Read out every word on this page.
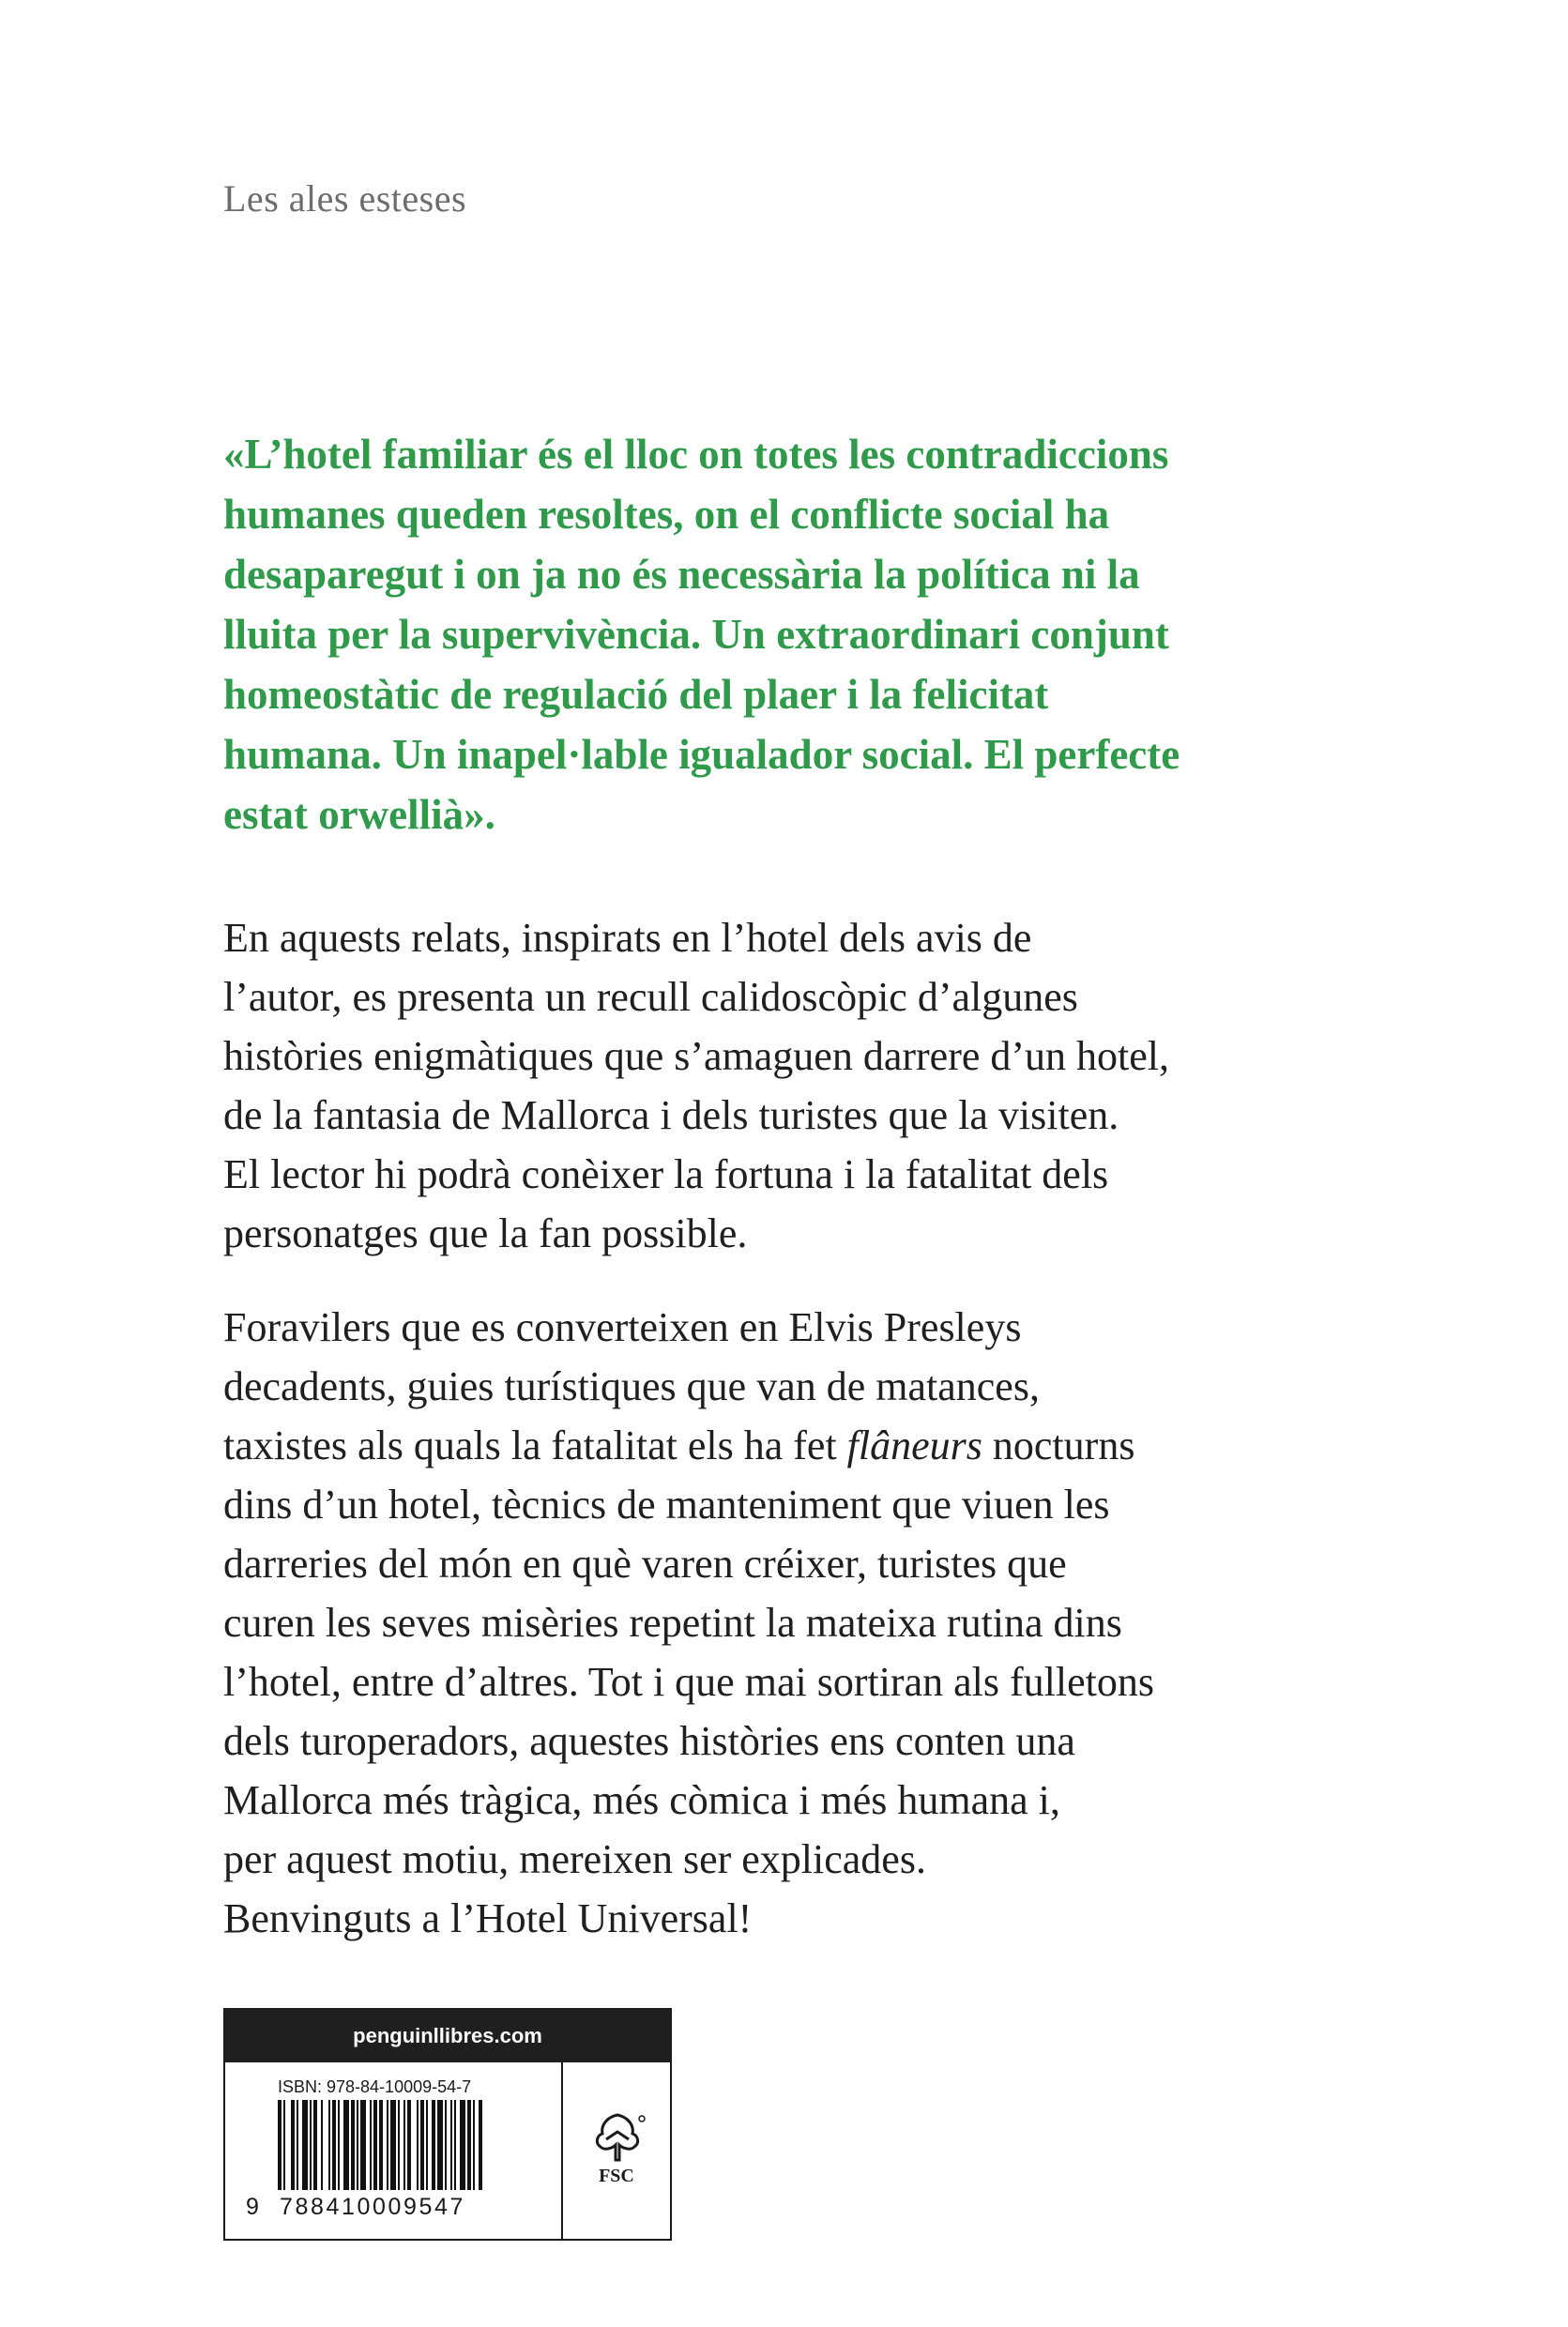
Les ales esteses

«L’hotel familiar és el lloc on totes les contradiccions
humanes queden resoltes, on el conflicte social ha
desaparegut i on ja no és necessària la política ni la
lluita per la supervivència. Un extraordinari conjunt
homeostàtic de regulació del plaer i la felicitat
humana. Un inapel·lable igualador social. El perfecte
estat orwellià».

En aquests relats, inspirats en l’hotel dels avis de
l’autor, es presenta un recull calidoscòpic d’algunes
històries enigmàtiques que s’amaguen darrere d’un hotel,
de la fantasia de Mallorca i dels turistes que la visiten.
El lector hi podrà conèixer la fortuna i la fatalitat dels
personatges que la fan possible.

Foravilers que es converteixen en Elvis Presleys
decadents, guies turístiques que van de matances,
taxistes als quals la fatalitat els ha fet flâneurs nocturns
dins d’un hotel, tècnics de manteniment que viuen les
darreries del món en què varen créixer, turistes que
curen les seves misèries repetint la mateixa rutina dins
l’hotel, entre d’altres. Tot i que mai sortiran als fulletons
dels turoperadors, aquestes històries ens conten una
Mallorca més tràgica, més còmica i més humana i,
per aquest motiu, mereixen ser explicades.
Benvinguts a l’Hotel Universal!

penguinllibres.com
ISBN: 978-84-10009-54-7
9 788410009547
FSC
